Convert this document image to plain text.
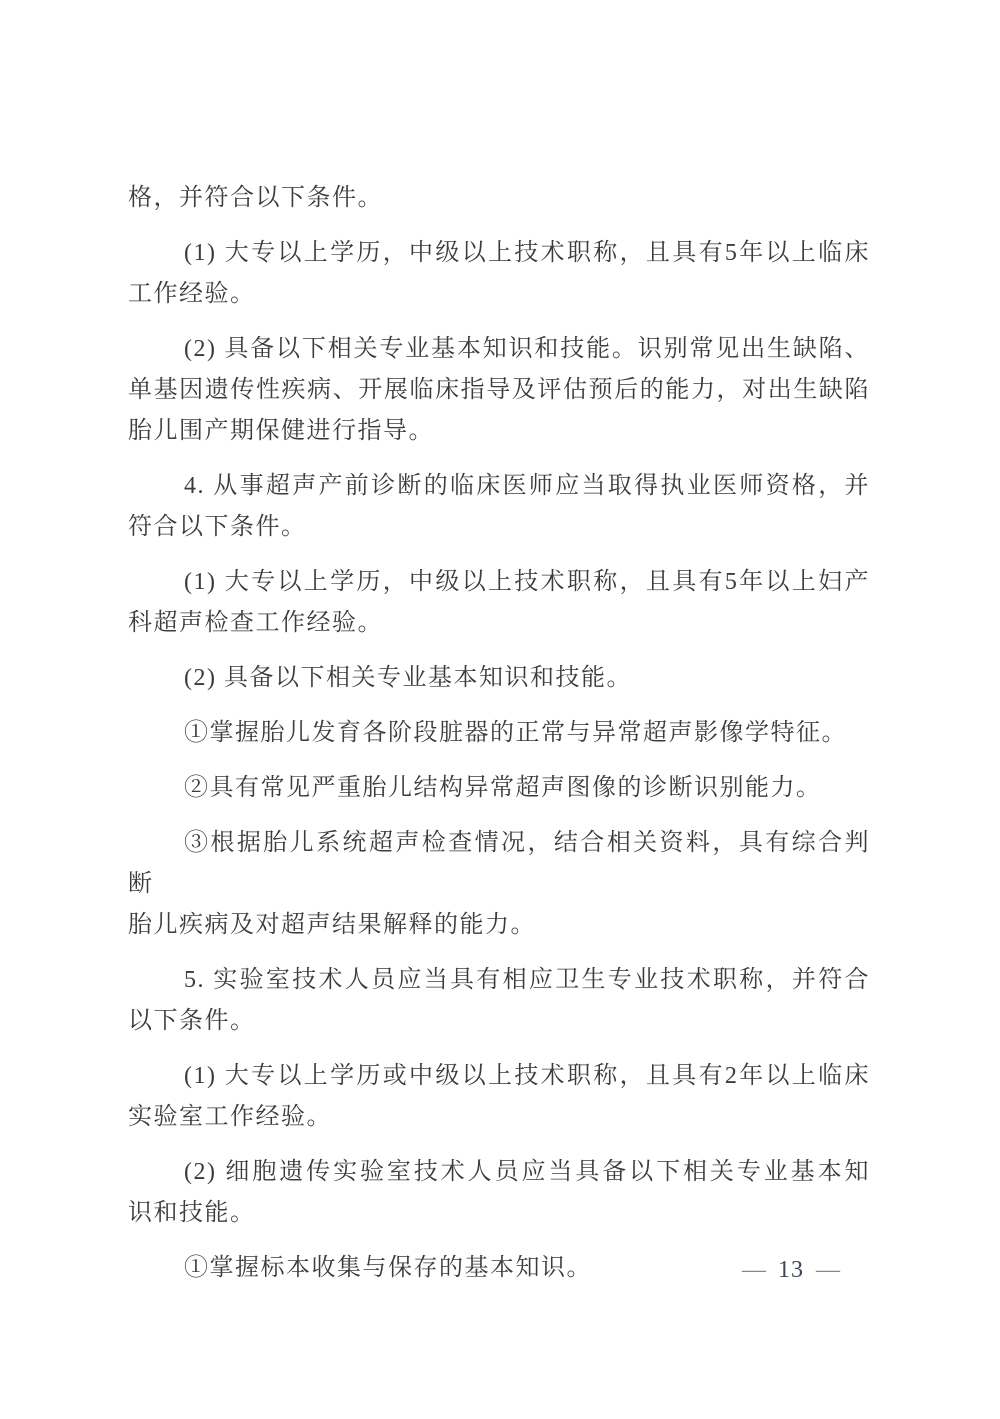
格，并符合以下条件。
(1) 大专以上学历，中级以上技术职称，且具有5年以上临床
工作经验。
(2) 具备以下相关专业基本知识和技能。识别常见出生缺陷、
单基因遗传性疾病、开展临床指导及评估预后的能力，对出生缺陷
胎儿围产期保健进行指导。
4. 从事超声产前诊断的临床医师应当取得执业医师资格，并
符合以下条件。
(1) 大专以上学历，中级以上技术职称，且具有5年以上妇产
科超声检查工作经验。
(2) 具备以下相关专业基本知识和技能。
①掌握胎儿发育各阶段脏器的正常与异常超声影像学特征。
②具有常见严重胎儿结构异常超声图像的诊断识别能力。
③根据胎儿系统超声检查情况，结合相关资料，具有综合判断
胎儿疾病及对超声结果解释的能力。
5. 实验室技术人员应当具有相应卫生专业技术职称，并符合
以下条件。
(1) 大专以上学历或中级以上技术职称，且具有2年以上临床
实验室工作经验。
(2) 细胞遗传实验室技术人员应当具备以下相关专业基本知
识和技能。
①掌握标本收集与保存的基本知识。	— 13 —
